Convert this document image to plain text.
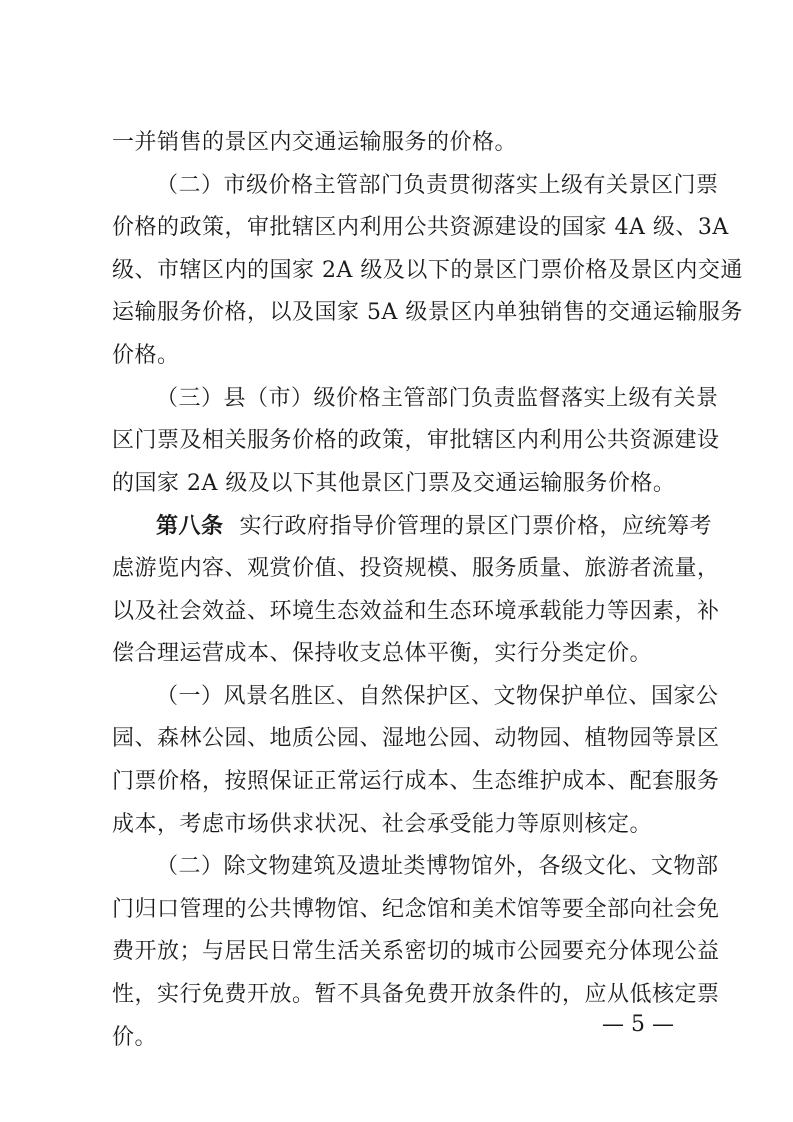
一并销售的景区内交通运输服务的价格。
（二）市级价格主管部门负责贯彻落实上级有关景区门票
价格的政策，审批辖区内利用公共资源建设的国家 4A 级、3A
级、市辖区内的国家 2A 级及以下的景区门票价格及景区内交通
运输服务价格，以及国家 5A 级景区内单独销售的交通运输服务
价格。
（三）县（市）级价格主管部门负责监督落实上级有关景
区门票及相关服务价格的政策，审批辖区内利用公共资源建设
的国家 2A 级及以下其他景区门票及交通运输服务价格。
第八条 实行政府指导价管理的景区门票价格，应统筹考
虑游览内容、观赏价值、投资规模、服务质量、旅游者流量，
以及社会效益、环境生态效益和生态环境承载能力等因素，补
偿合理运营成本、保持收支总体平衡，实行分类定价。
（一）风景名胜区、自然保护区、文物保护单位、国家公
园、森林公园、地质公园、湿地公园、动物园、植物园等景区
门票价格，按照保证正常运行成本、生态维护成本、配套服务
成本，考虑市场供求状况、社会承受能力等原则核定。
（二）除文物建筑及遗址类博物馆外，各级文化、文物部
门归口管理的公共博物馆、纪念馆和美术馆等要全部向社会免
费开放；与居民日常生活关系密切的城市公园要充分体现公益
性，实行免费开放。暂不具备免费开放条件的，应从低核定票
价。
— 5 —
